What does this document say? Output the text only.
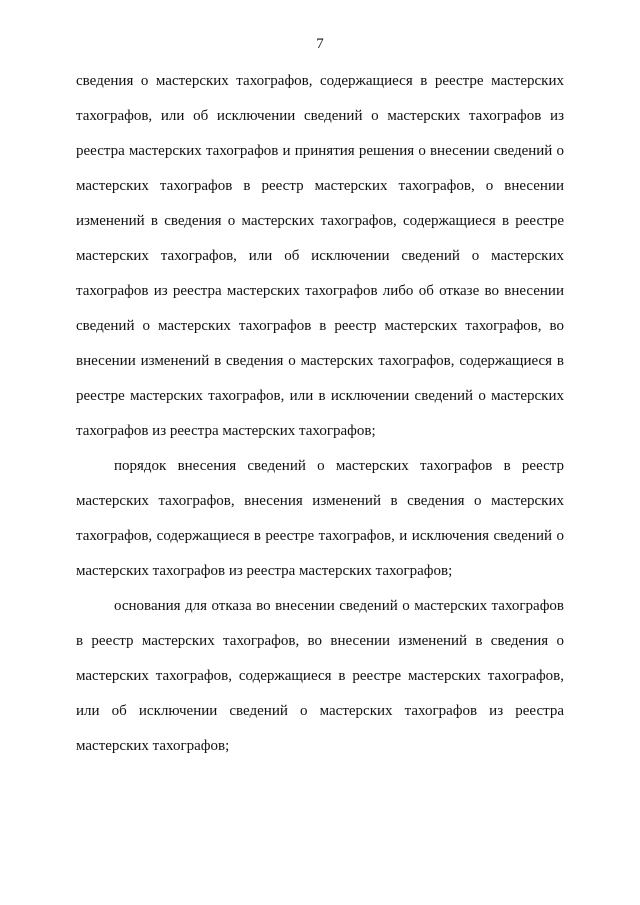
7
сведения о мастерских тахографов, содержащиеся в реестре мастерских
тахографов, или об исключении сведений о мастерских тахографов из
реестра мастерских тахографов и принятия решения о внесении сведений о
мастерских тахографов в реестр мастерских тахографов, о внесении
изменений в сведения о мастерских тахографов, содержащиеся в реестре
мастерских тахографов, или об исключении сведений о мастерских
тахографов из реестра мастерских тахографов либо об отказе во внесении
сведений о мастерских тахографов в реестр мастерских тахографов, во
внесении изменений в сведения о мастерских тахографов, содержащиеся в
реестре мастерских тахографов, или в исключении сведений о мастерских
тахографов из реестра мастерских тахографов;
порядок внесения сведений о мастерских тахографов в реестр
мастерских тахографов, внесения изменений в сведения о мастерских
тахографов, содержащиеся в реестре тахографов, и исключения сведений о
мастерских тахографов из реестра мастерских тахографов;
основания для отказа во внесении сведений о мастерских тахографов
в реестр мастерских тахографов, во внесении изменений в сведения о
мастерских тахографов, содержащиеся в реестре мастерских тахографов,
или об исключении сведений о мастерских тахографов из реестра
мастерских тахографов;
